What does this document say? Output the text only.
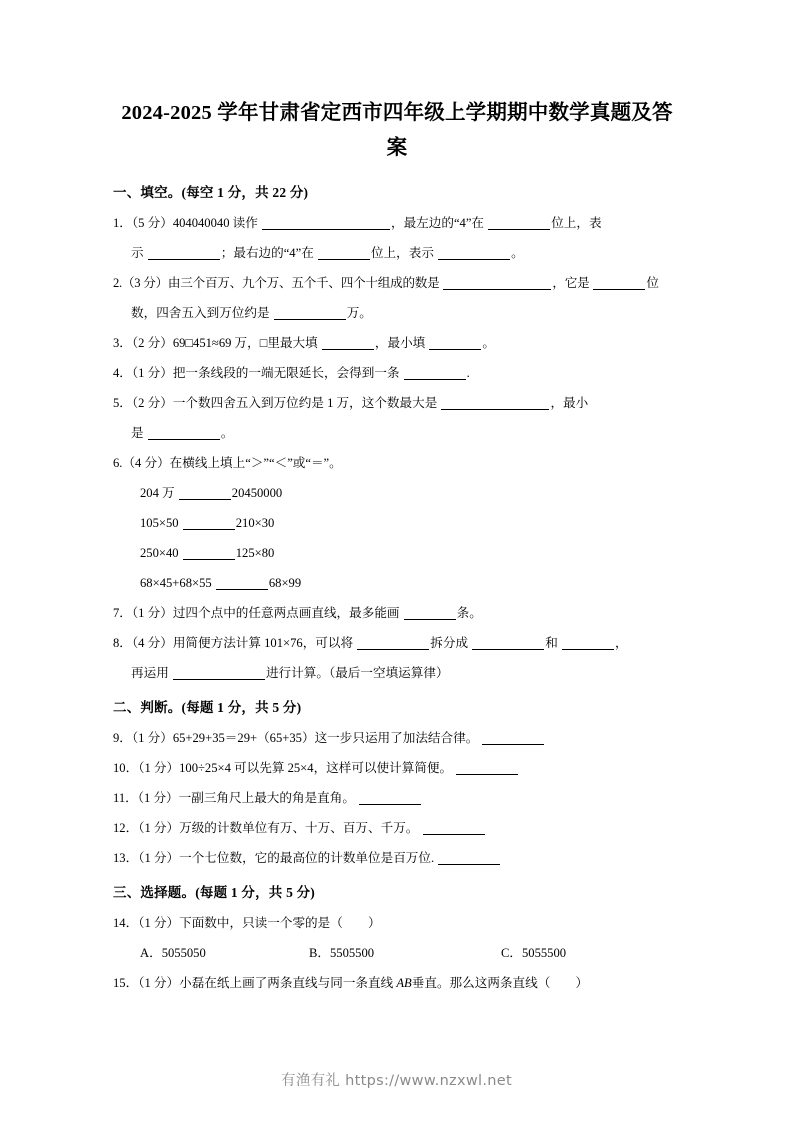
2024-2025 学年甘肃省定西市四年级上学期期中数学真题及答案
一、填空。(每空 1 分，共 22 分)
1．（5 分）404040040 读作	，最左边的“4”在	位上，表
示	；最右边的“4”在	位上，表示	。
2.（3 分）由三个百万、九个万、五个千、四个十组成的数是	，它是	位
数，四舍五入到万位约是	万。
3．（2 分）69□451≈69 万，□里最大填	，最小填	。
4．（1 分）把一条线段的一端无限延长，会得到一条	.
5．（2 分）一个数四舍五入到万位约是 1 万，这个数最大是	，最小
是	。
6.（4 分）在横线上填上“＞”“＜”或“＝”。
204 万	20450000
105×50	210×30
250×40	125×80
68×45+68×55	68×99
7．（1 分）过四个点中的任意两点画直线，最多能画	条。
8．（4 分）用简便方法计算 101×76，可以将	拆分成	和	，
再运用	进行计算。（最后一空填运算律）
二、判断。(每题 1 分，共 5 分)
9．（1 分）65+29+35＝29+（65+35）这一步只运用了加法结合律。
10．（1 分）100÷25×4 可以先算 25×4，这样可以使计算简便。
11．（1 分）一副三角尺上最大的角是直角。
12．（1 分）万级的计数单位有万、十万、百万、千万。
13．（1 分）一个七位数，它的最高位的计数单位是百万位.
三、选择题。(每题 1 分，共 5 分)
14．（1 分）下面数中，只读一个零的是（　　）
A．5055050	B．5505500	C．5055500
15．（1 分）小磊在纸上画了两条直线与同一条直线 AB垂直。那么这两条直线（　　）
有渔有礼 https://www.nzxwl.net
